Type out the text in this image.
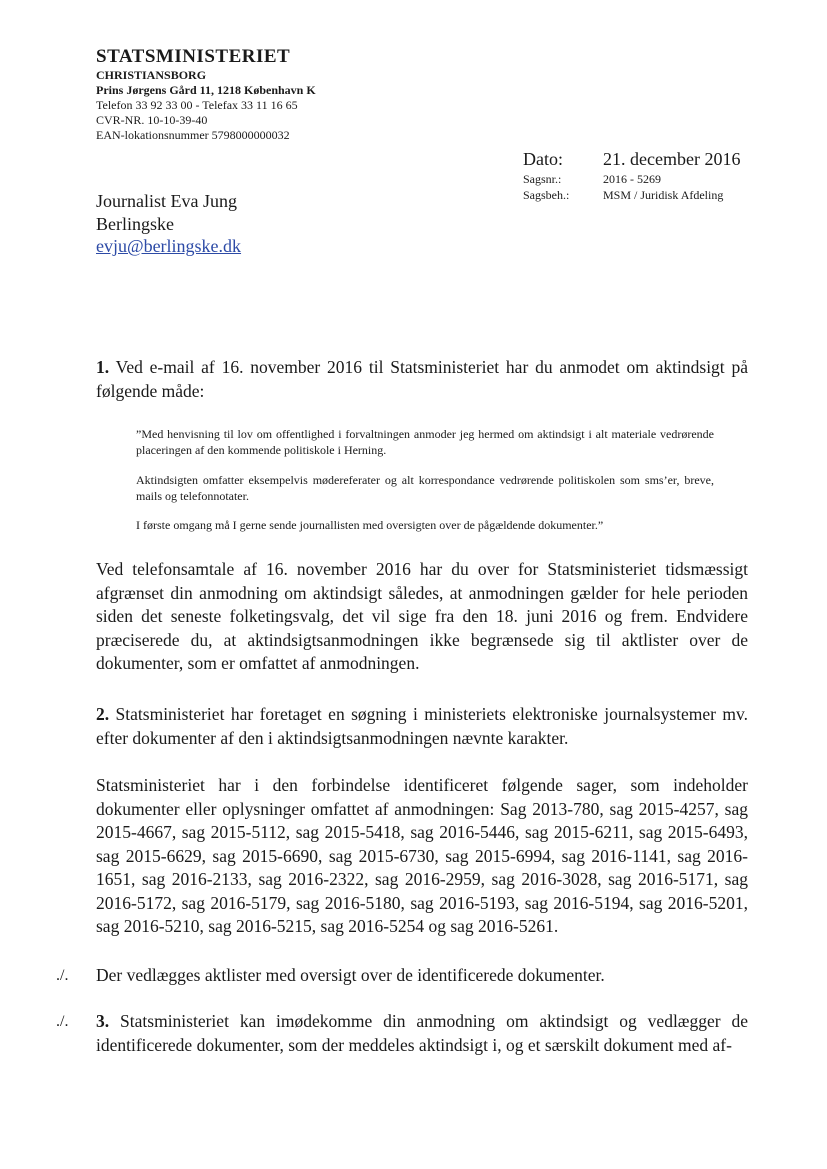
STATSMINISTERIET
CHRISTIANSBORG
Prins Jørgens Gård 11, 1218 København K
Telefon 33 92 33 00 - Telefax 33 11 16 65
CVR-NR. 10-10-39-40
EAN-lokationsnummer 5798000000032
Dato:	21. december 2016
Sagsnr.:	2016 - 5269
Sagsbeh.:	MSM / Juridisk Afdeling
Journalist Eva Jung
Berlingske
evju@berlingske.dk
1. Ved e-mail af 16. november 2016 til Statsministeriet har du anmodet om aktindsigt på følgende måde:
”Med henvisning til lov om offentlighed i forvaltningen anmoder jeg hermed om aktindsigt i alt materiale vedrørende placeringen af den kommende politiskole i Herning.
Aktindsigten omfatter eksempelvis mødereferater og alt korrespondance vedrørende politiskolen som sms’er, breve, mails og telefonnotater.
I første omgang må I gerne sende journallisten med oversigten over de pågældende dokumenter.”
Ved telefonsamtale af 16. november 2016 har du over for Statsministeriet tidsmæssigt afgrænset din anmodning om aktindsigt således, at anmodningen gælder for hele perioden siden det seneste folketingsvalg, det vil sige fra den 18. juni 2016 og frem. Endvidere præciserede du, at aktindsigtsanmodningen ikke begrænsede sig til aktlister over de dokumenter, som er omfattet af anmodningen.
2. Statsministeriet har foretaget en søgning i ministeriets elektroniske journalsystemer mv. efter dokumenter af den i aktindsigtsanmodningen nævnte karakter.
Statsministeriet har i den forbindelse identificeret følgende sager, som indeholder dokumenter eller oplysninger omfattet af anmodningen: Sag 2013-780, sag 2015-4257, sag 2015-4667, sag 2015-5112, sag 2015-5418, sag 2016-5446, sag 2015-6211, sag 2015-6493, sag 2015-6629, sag 2015-6690, sag 2015-6730, sag 2015-6994, sag 2016-1141, sag 2016-1651, sag 2016-2133, sag 2016-2322, sag 2016-2959, sag 2016-3028, sag 2016-5171, sag 2016-5172, sag 2016-5179, sag 2016-5180, sag 2016-5193, sag 2016-5194, sag 2016-5201, sag 2016-5210, sag 2016-5215, sag 2016-5254 og sag 2016-5261.
./. Der vedlægges aktlister med oversigt over de identificerede dokumenter.
./. 3. Statsministeriet kan imødekomme din anmodning om aktindsigt og vedlægger de identificerede dokumenter, som der meddeles aktindsigt i, og et særskilt dokument med af-
